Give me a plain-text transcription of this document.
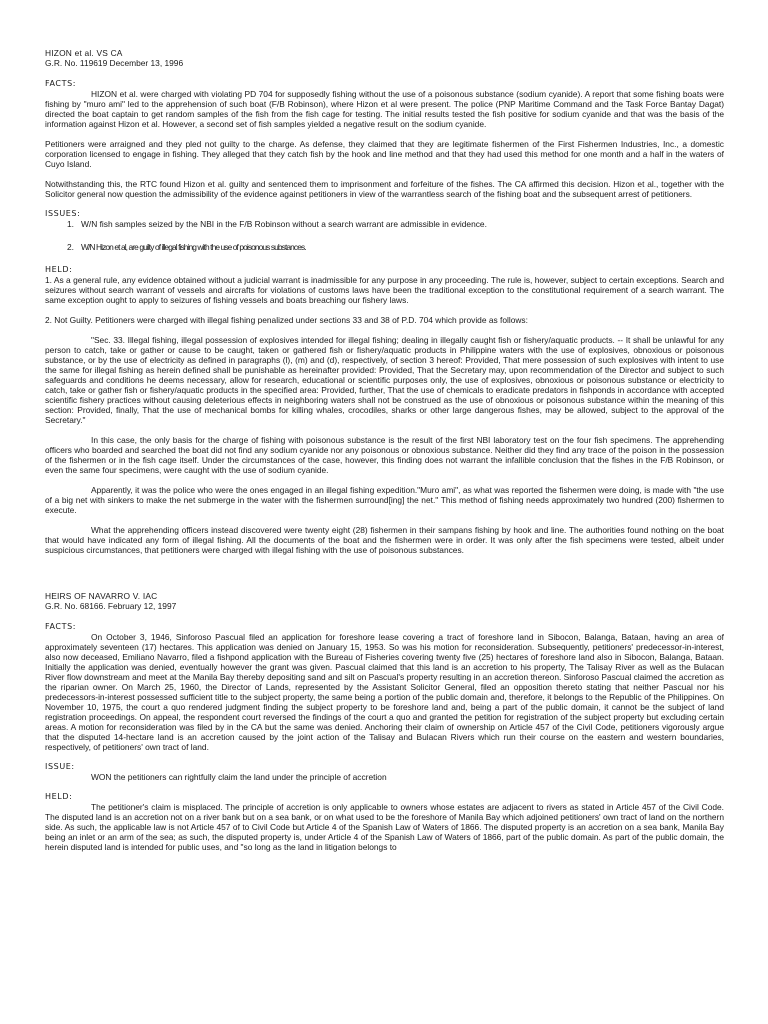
HIZON et al. VS CA
G.R. No. 119619 December 13, 1996
FACTS:

HIZON et al. were charged with violating PD 704 for supposedly fishing without the use of a poisonous substance (sodium cyanide). A report that some fishing boats were fishing by "muro ami" led to the apprehension of such boat (F/B Robinson), where Hizon et al were present. The police (PNP Maritime Command and the Task Force Bantay Dagat) directed the boat captain to get random samples of the fish from the fish cage for testing. The initial results tested the fish positive for sodium cyanide and that was the basis of the information against Hizon et al. However, a second set of fish samples yielded a negative result on the sodium cyanide.

Petitioners were arraigned and they pled not guilty to the charge. As defense, they claimed that they are legitimate fishermen of the First Fishermen Industries, Inc., a domestic corporation licensed to engage in fishing. They alleged that they catch fish by the hook and line method and that they had used this method for one month and a half in the waters of Cuyo Island.

Notwithstanding this, the RTC found Hizon et al. guilty and sentenced them to imprisonment and forfeiture of the fishes. The CA affirmed this decision. Hizon et al., together with the Solicitor general now question the admissibility of the evidence against petitioners in view of the warrantless search of the fishing boat and the subsequent arrest of petitioners.

ISSUES:
1. W/N fish samples seized by the NBI in the F/B Robinson without a search warrant are admissible in evidence.
2. W/N Hizon et al, are guilty of illegal fishing with the use of poisonous substances.
HELD:

1. As a general rule, any evidence obtained without a judicial warrant is inadmissible for any purpose in any proceeding. The rule is, however, subject to certain exceptions. Search and seizures without search warrant of vessels and aircrafts for violations of customs laws have been the traditional exception to the constitutional requirement of a search warrant. The same exception ought to apply to seizures of fishing vessels and boats breaching our fishery laws.

2. Not Guilty. Petitioners were charged with illegal fishing penalized under sections 33 and 38 of P.D. 704 which provide as follows:

"Sec. 33. Illegal fishing, illegal possession of explosives intended for illegal fishing; dealing in illegally caught fish or fishery/aquatic products. -- It shall be unlawful for any person to catch, take or gather or cause to be caught, taken or gathered fish or fishery/aquatic products in Philippine waters with the use of explosives, obnoxious or poisonous substance, or by the use of electricity as defined in paragraphs (l), (m) and (d), respectively, of section 3 hereof: Provided, That mere possession of such explosives with intent to use the same for illegal fishing as herein defined shall be punishable as hereinafter provided: Provided, That the Secretary may, upon recommendation of the Director and subject to such safeguards and conditions he deems necessary, allow for research, educational or scientific purposes only, the use of explosives, obnoxious or poisonous substance or electricity to catch, take or gather fish or fishery/aquatic products in the specified area: Provided, further, That the use of chemicals to eradicate predators in fishponds in accordance with accepted scientific fishery practices without causing deleterious effects in neighboring waters shall not be construed as the use of obnoxious or poisonous substance within the meaning of this section: Provided, finally, That the use of mechanical bombs for killing whales, crocodiles, sharks or other large dangerous fishes, may be allowed, subject to the approval of the Secretary."

In this case, the only basis for the charge of fishing with poisonous substance is the result of the first NBI laboratory test on the four fish specimens. The apprehending officers who boarded and searched the boat did not find any sodium cyanide nor any poisonous or obnoxious substance. Neither did they find any trace of the poison in the possession of the fishermen or in the fish cage itself. Under the circumstances of the case, however, this finding does not warrant the infallible conclusion that the fishes in the F/B Robinson, or even the same four specimens, were caught with the use of sodium cyanide.

Apparently, it was the police who were the ones engaged in an illegal fishing expedition."Muro ami", as what was reported the fishermen were doing, is made with "the use of a big net with sinkers to make the net submerge in the water with the fishermen surround[ing] the net." This method of fishing needs approximately two hundred (200) fishermen to execute.

What the apprehending officers instead discovered were twenty eight (28) fishermen in their sampans fishing by hook and line. The authorities found nothing on the boat that would have indicated any form of illegal fishing. All the documents of the boat and the fishermen were in order. It was only after the fish specimens were tested, albeit under suspicious circumstances, that petitioners were charged with illegal fishing with the use of poisonous substances.

HEIRS OF NAVARRO V. IAC
G.R. No. 68166. February 12, 1997
FACTS:

On October 3, 1946, Sinforoso Pascual filed an application for foreshore lease covering a tract of foreshore land in Sibocon, Balanga, Bataan, having an area of approximately seventeen (17) hectares. This application was denied on January 15, 1953. So was his motion for reconsideration. Subsequently, petitioners' predecessor-in-interest, also now deceased, Emiliano Navarro, filed a fishpond application with the Bureau of Fisheries covering twenty five (25) hectares of foreshore land also in Sibocon, Balanga, Bataan. Initially the application was denied, eventually however the grant was given. Pascual claimed that this land is an accretion to his property, The Talisay River as well as the Bulacan River flow downstream and meet at the Manila Bay thereby depositing sand and silt on Pascual's property resulting in an accretion thereon. Sinforoso Pascual claimed the accretion as the riparian owner. On March 25, 1960, the Director of Lands, represented by the Assistant Solicitor General, filed an opposition thereto stating that neither Pascual nor his predecessors-in-interest possessed sufficient title to the subject property, the same being a portion of the public domain and, therefore, it belongs to the Republic of the Philippines. On November 10, 1975, the court a quo rendered judgment finding the subject property to be foreshore land and, being a part of the public domain, it cannot be the subject of land registration proceedings. On appeal, the respondent court reversed the findings of the court a quo and granted the petition for registration of the subject property but excluding certain areas. A motion for reconsideration was filed by in the CA but the same was denied. Anchoring their claim of ownership on Article 457 of the Civil Code, petitioners vigorously argue that the disputed 14-hectare land is an accretion caused by the joint action of the Talisay and Bulacan Rivers which run their course on the eastern and western boundaries, respectively, of petitioners' own tract of land.

ISSUE:
WON the petitioners can rightfully claim the land under the principle of accretion
HELD:

The petitioner's claim is misplaced. The principle of accretion is only applicable to owners whose estates are adjacent to rivers as stated in Article 457 of the Civil Code. The disputed land is an accretion not on a river bank but on a sea bank, or on what used to be the foreshore of Manila Bay which adjoined petitioners' own tract of land on the northern side. As such, the applicable law is not Article 457 of to Civil Code but Article 4 of the Spanish Law of Waters of 1866. The disputed property is an accretion on a sea bank, Manila Bay being an inlet or an arm of the sea; as such, the disputed property is, under Article 4 of the Spanish Law of Waters of 1866, part of the public domain. As part of the public domain, the herein disputed land is intended for public uses, and "so long as the land in litigation belongs to
